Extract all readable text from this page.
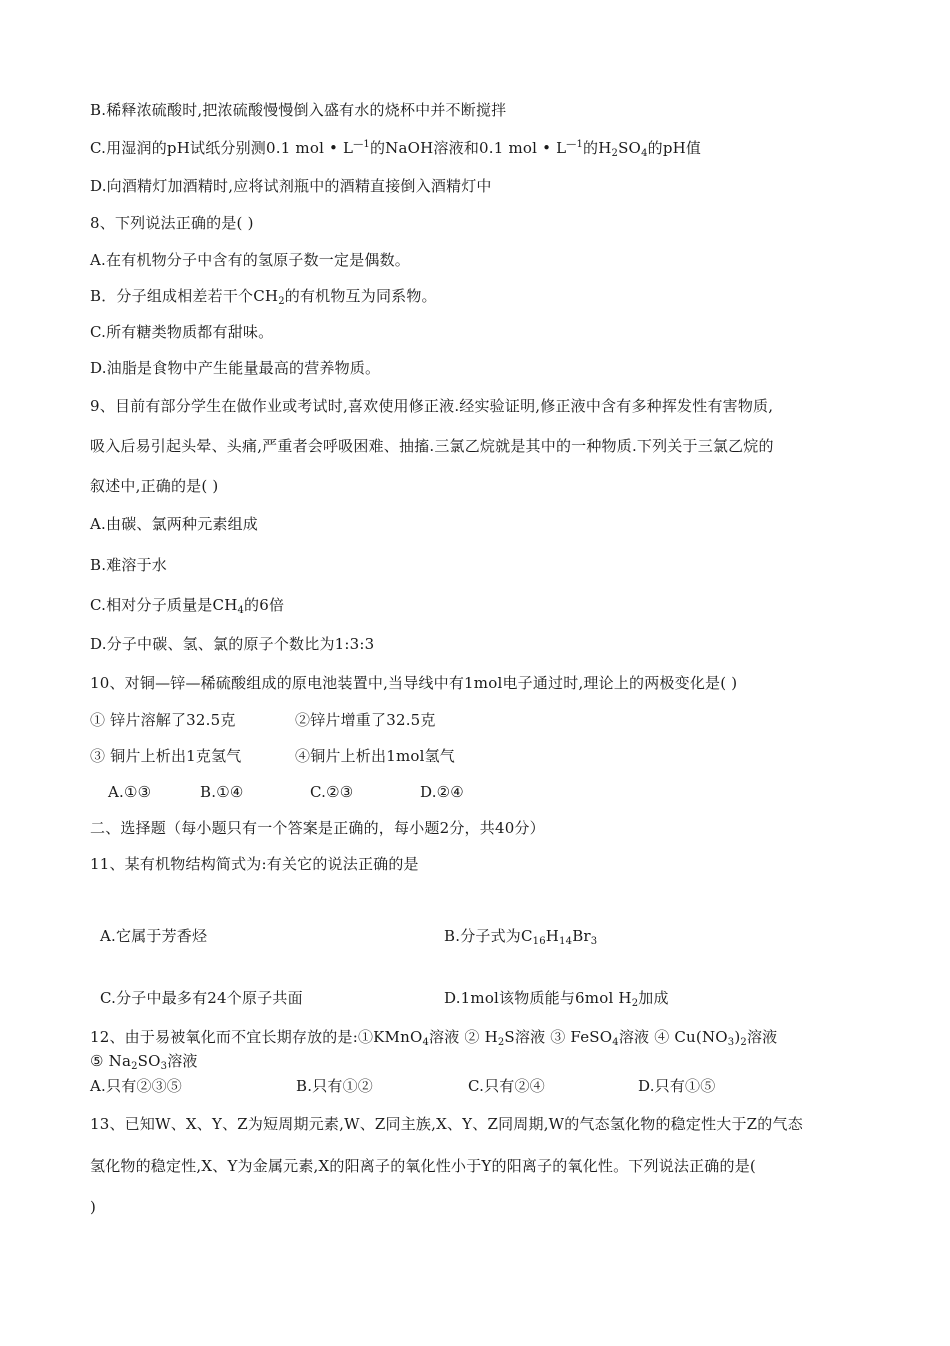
B.稀释浓硫酸时,把浓硫酸慢慢倒入盛有水的烧杯中并不断搅拌
C.用湿润的pH试纸分别测0.1 mol • $L^{—1}$的NaOH溶液和0.1 mol • $L^{—1}$的$H_2SO_4$的pH值
D.向酒精灯加酒精时,应将试剂瓶中的酒精直接倒入酒精灯中
8、下列说法正确的是( )
A.在有机物分子中含有的氢原子数一定是偶数。
B．分子组成相差若干个$CH_2$的有机物互为同系物。
C.所有糖类物质都有甜味。
D.油脂是食物中产生能量最高的营养物质。
9、目前有部分学生在做作业或考试时,喜欢使用修正液.经实验证明,修正液中含有多种挥发性有害物质,
吸入后易引起头晕、头痛,严重者会呼吸困难、抽搐.三氯乙烷就是其中的一种物质.下列关于三氯乙烷的
叙述中,正确的是( )
A.由碳、氯两种元素组成
B.难溶于水
C.相对分子质量是$CH_4$的6倍
D.分子中碳、氢、氯的原子个数比为1:3:3
10、对铜—锌—稀硫酸组成的原电池装置中,当导线中有1mol电子通过时,理论上的两极变化是( )
① 锌片溶解了32.5克	②锌片增重了32.5克
③ 铜片上析出1克氢气	④铜片上析出1mol氢气
A.①③	B.①④	C.②③	D.②④
二、选择题（每小题只有一个答案是正确的，每小题2分，共40分）
11、某有机物结构简式为:有关它的说法正确的是
A.它属于芳香烃	B.分子式为$C_{16}H_{14}Br_3$
C.分子中最多有24个原子共面	D.1mol该物质能与6mol $H_2$加成
12、由于易被氧化而不宜长期存放的是:①KMnO$_4$溶液 ② $H_2S$溶液 ③ FeSO$_4$溶液 ④ $Cu(NO_3)_2$溶液
⑤ $Na_2SO_3$溶液
A.只有②③⑤	B.只有①②	C.只有②④	D.只有①⑤
13、已知W、X、Y、Z为短周期元素,W、Z同主族,X、Y、Z同周期,W的气态氢化物的稳定性大于Z的气态
氢化物的稳定性,X、Y为金属元素,X的阳离子的氧化性小于Y的阳离子的氧化性。下列说法正确的是(
)
